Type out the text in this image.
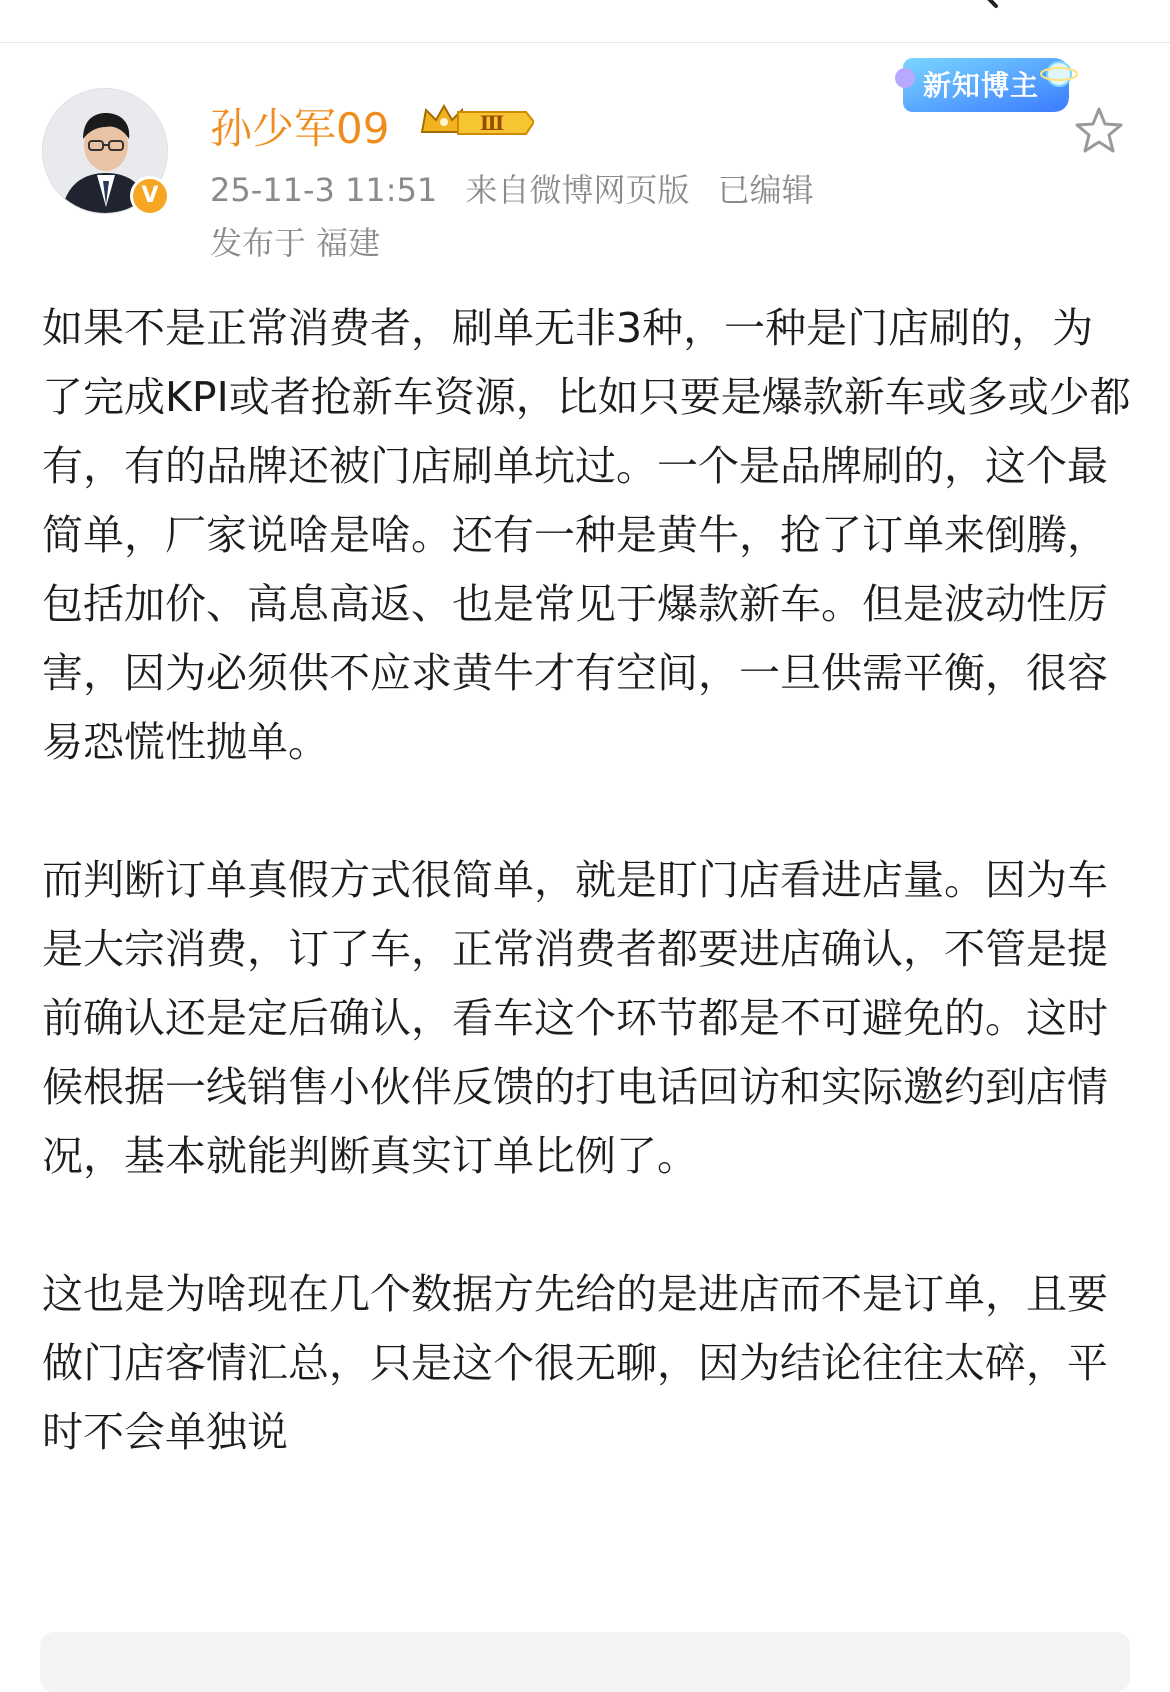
V
孙少军09	Ⅲ
25-11-3 11:51 来自微博网页版 已编辑
发布于 福建
新知博主

如果不是正常消费者，刷单无非3种，一种是门店刷的，为了完成KPI或者抢新车资源，比如只要是爆款新车或多或少都有，有的品牌还被门店刷单坑过。一个是品牌刷的，这个最简单，厂家说啥是啥。还有一种是黄牛，抢了订单来倒腾，包括加价、高息高返、也是常见于爆款新车。但是波动性厉害，因为必须供不应求黄牛才有空间，一旦供需平衡，很容易恐慌性抛单。

而判断订单真假方式很简单，就是盯门店看进店量。因为车是大宗消费，订了车，正常消费者都要进店确认，不管是提前确认还是定后确认，看车这个环节都是不可避免的。这时候根据一线销售小伙伴反馈的打电话回访和实际邀约到店情况，基本就能判断真实订单比例了。

这也是为啥现在几个数据方先给的是进店而不是订单，且要做门店客情汇总，只是这个很无聊，因为结论往往太碎，平时不会单独说
